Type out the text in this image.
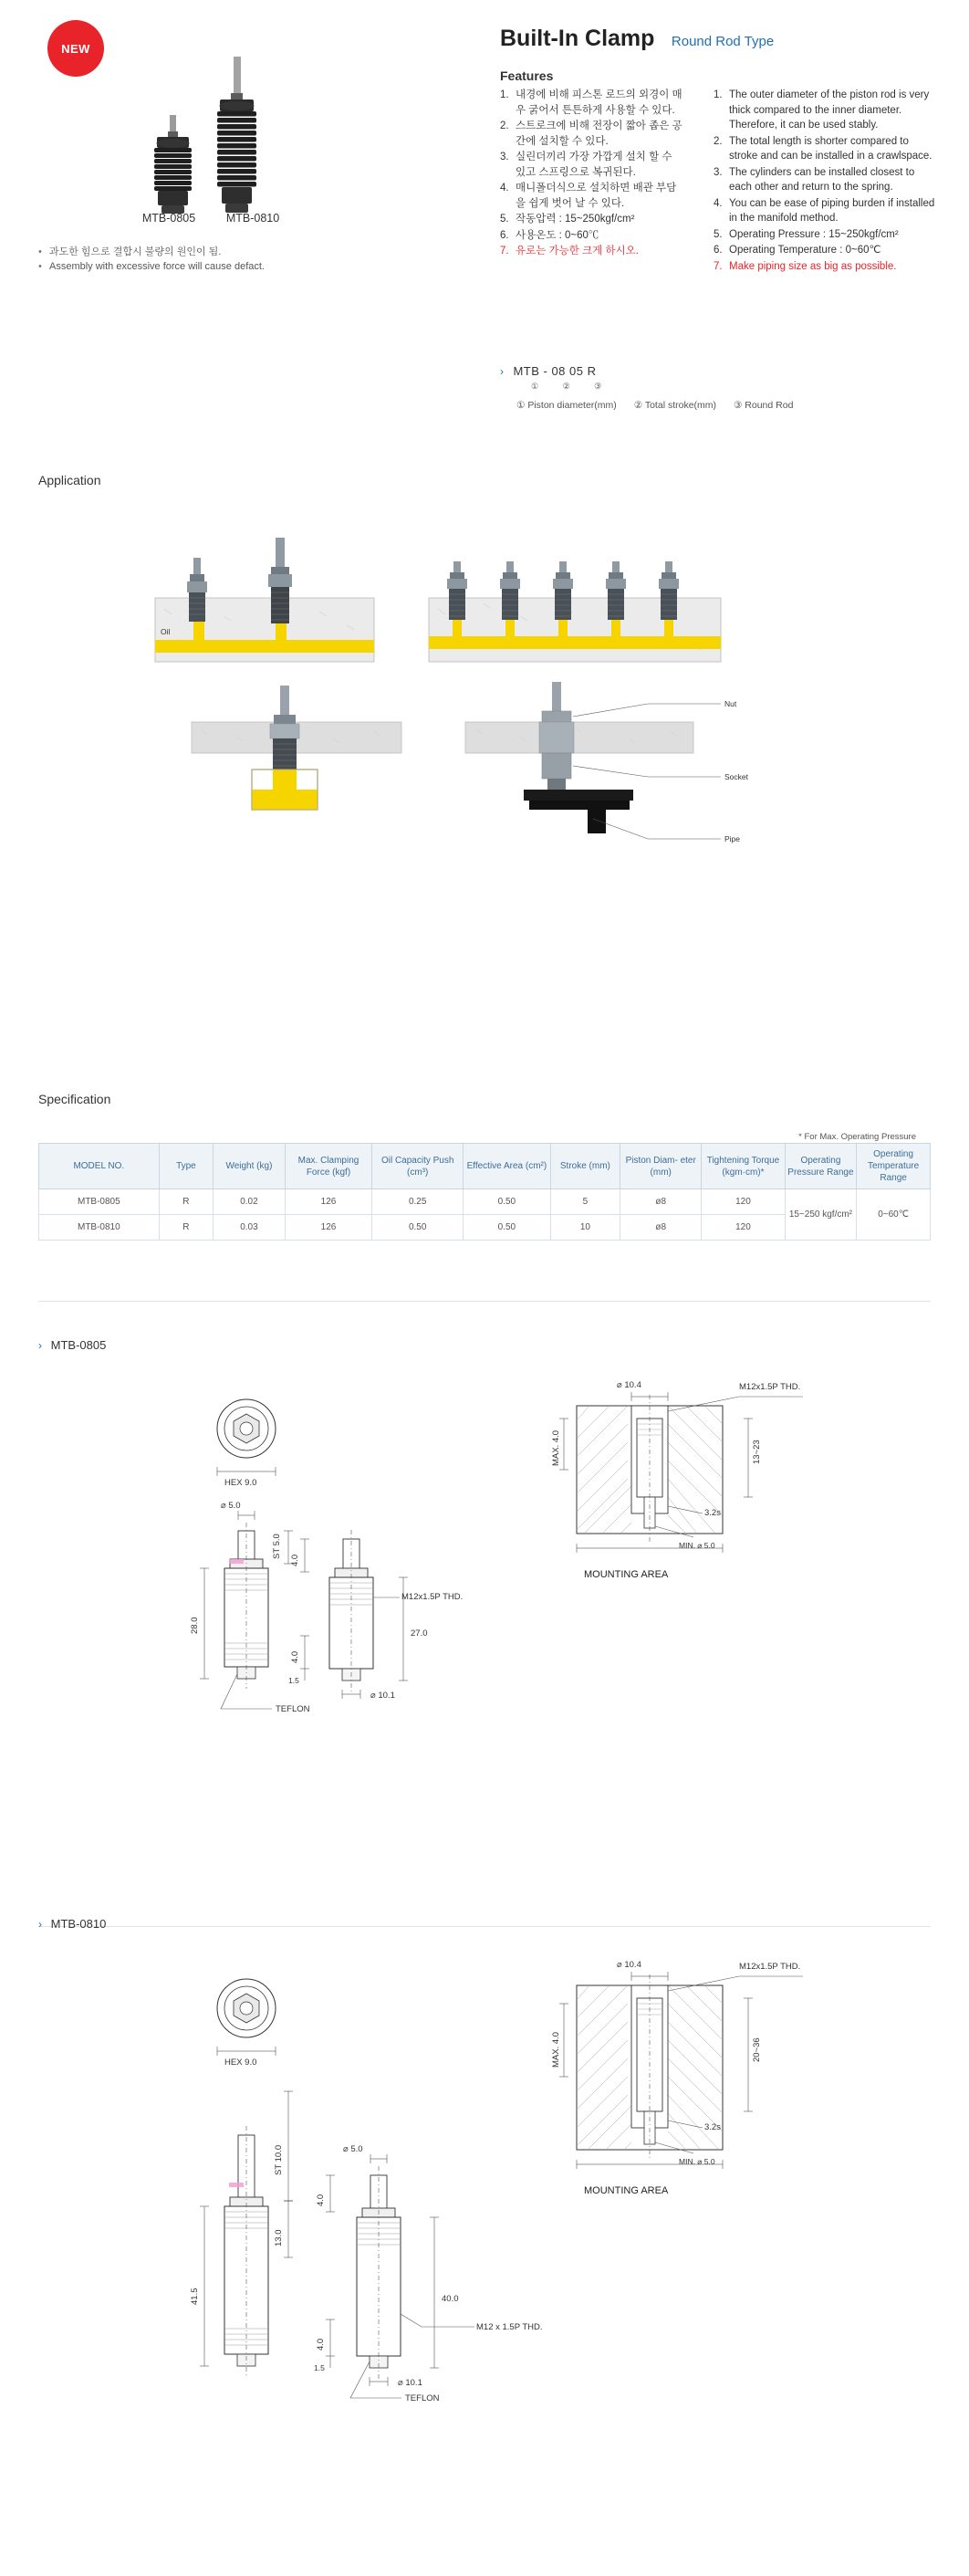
NEW
MTB-0805	MTB-0810
• 과도한 힘으로 결합시 불량의 원인이 됨.
• Assembly with excessive force will cause defact.
Built-In Clamp Round Rod Type
Features
1. 내경에 비해 피스톤 로드의 외경이 매우 굵어서 튼튼하게 사용할 수 있다.
2. 스트로크에 비해 전장이 짧아 좁은 공간에 설치할 수 있다.
3. 실린더끼리 가장 가깝게 설치 할 수 있고 스프링으로 복귀된다.
4. 매니폴더식으로 설치하면 배관 부담을 쉽게 벗어 날 수 있다.
5. 작동압력 : 15~250kgf/cm²
6. 사용온도 : 0~60℃
7. 유로는 가능한 크게 하시오.
1. The outer diameter of the piston rod is very thick compared to the inner diameter. Therefore, it can be used stably.
2. The total length is shorter compared to stroke and can be installed in a crawlspace.
3. The cylinders can be installed closest to each other and return to the spring.
4. You can be ease of piping burden if installed in the manifold method.
5. Operating Pressure : 15~250kgf/cm²
6. Operating Temperature : 0~60℃
7. Make piping size as big as possible.
› MTB - 08 05 R
① ② ③
① Piston diameter(mm) ② Total stroke(mm) ③ Round Rod
Application
Oil
Nut
Socket
Pipe
Specification
* For Max. Operating Pressure
MODEL NO.	Type	Weight (kg)	Max. Clamping Force (kgf)	Oil Capacity Push (cm³)	Effective Area (cm²)	Stroke (mm)	Piston Diam- eter (mm)	Tightening Torque (kgm·cm)*	Operating Pressure Range	Operating Temperature Range
MTB-0805	R	0.02	126	0.25	0.50	5	ø8	120	15~250 kgf/cm²	0~60℃
MTB-0810	R	0.03	126	0.50	0.50	10	ø8	120		
› MTB-0805
HEX 9.0
ST 5.0
28.0
⌀ 5.0
TEFLON
4.0
4.0
1.5
27.0
M12x1.5P THD.
⌀ 10.1
⌀ 10.4	M12x1.5P THD.
MAX. 4.0	13~23
3.2s
MIN. ⌀ 5.0
MOUNTING AREA
› MTB-0810
HEX 9.0
ST 10.0
13.0
41.5
⌀ 5.0
4.0
4.0
1.5
40.0
M12 x 1.5P THD.
⌀ 10.1
TEFLON
⌀ 10.4	M12x1.5P THD.
MAX. 4.0	20~36
3.2s
MIN. ⌀ 5.0
MOUNTING AREA
